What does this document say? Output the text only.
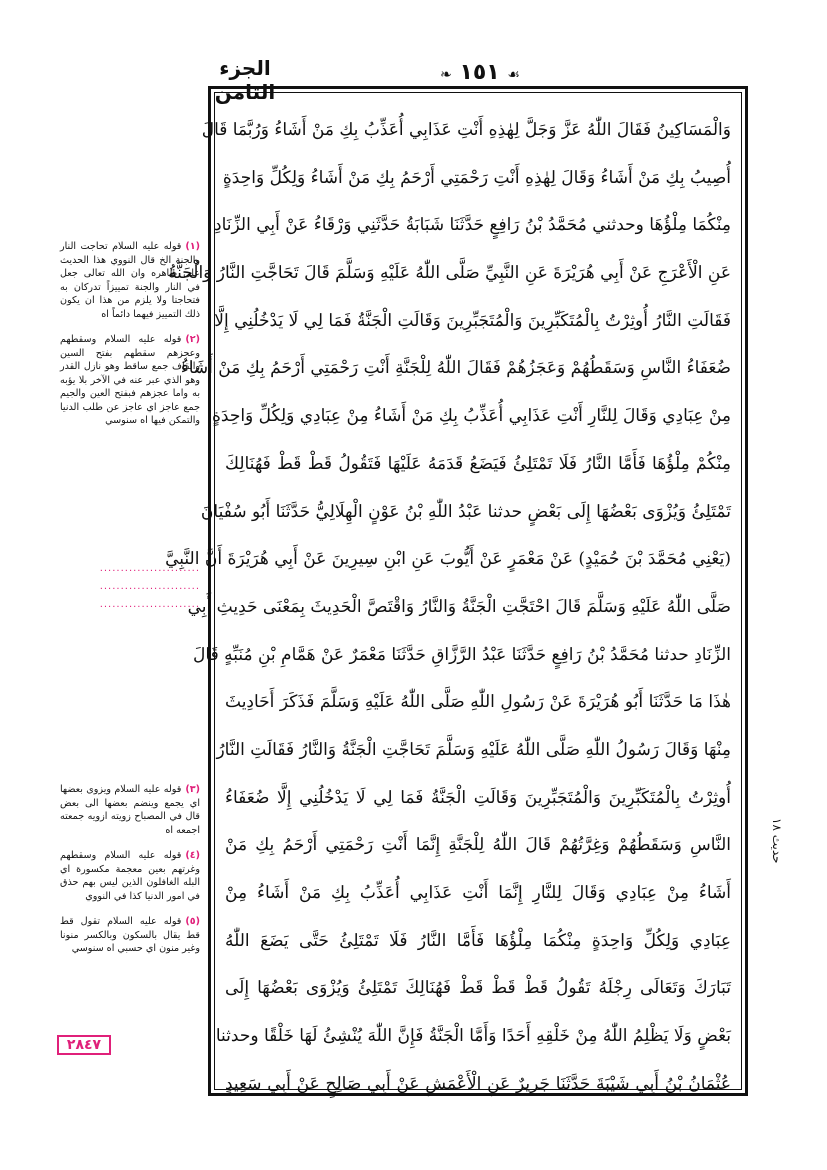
الجزء الثامن
❧ ١٥١ ☙
وَالْمَسَاكِينُ فَقَالَ اللّٰهُ عَزَّ وَجَلَّ لِهٰذِهِ أَنْتِ عَذَابِي أُعَذِّبُ بِكِ مَنْ أَشَاءُ وَرُبَّمَا قَالَ
أُصِيبُ بِكِ مَنْ أَشَاءُ وَقَالَ لِهٰذِهِ أَنْتِ رَحْمَتِي أَرْحَمُ بِكِ مَنْ أَشَاءُ وَلِكُلِّ وَاحِدَةٍ
مِنْكُمَا مِلْؤُهَا وحدثني مُحَمَّدُ بْنُ رَافِعٍ حَدَّثَنَا شَبَابَةُ حَدَّثَنِي وَرْقَاءُ عَنْ أَبِي الزِّنَادِ
عَنِ الْأَعْرَجِ عَنْ أَبِي هُرَيْرَةَ عَنِ النَّبِيِّ صَلَّى اللّٰهُ عَلَيْهِ وَسَلَّمَ قَالَ تَحَاجَّتِ النَّارُ وَالْجَنَّةُ
فَقَالَتِ النَّارُ أُوثِرْتُ بِالْمُتَكَبِّرِينَ وَالْمُتَجَبِّرِينَ وَقَالَتِ الْجَنَّةُ فَمَا لِي لَا يَدْخُلُنِي إِلَّا
ضُعَفَاءُ النَّاسِ وَسَقَطُهُمْ وَعَجَزُهُمْ فَقَالَ اللّٰهُ لِلْجَنَّةِ أَنْتِ رَحْمَتِي أَرْحَمُ بِكِ مَنْ أَشَاءُ
مِنْ عِبَادِي وَقَالَ لِلنَّارِ أَنْتِ عَذَابِي أُعَذِّبُ بِكِ مَنْ أَشَاءُ مِنْ عِبَادِي وَلِكُلِّ وَاحِدَةٍ
مِنْكُمْ مِلْؤُهَا فَأَمَّا النَّارُ فَلَا تَمْتَلِئُ فَيَضَعُ قَدَمَهُ عَلَيْهَا فَتَقُولُ قَطْ قَطْ فَهُنَالِكَ
تَمْتَلِئُ وَيُزْوَى بَعْضُهَا إِلَى بَعْضٍ حدثنا عَبْدُ اللّٰهِ بْنُ عَوْنٍ الْهِلَالِيُّ حَدَّثَنَا أَبُو سُفْيَانَ
(يَعْنِي مُحَمَّدَ بْنَ حُمَيْدٍ) عَنْ مَعْمَرٍ عَنْ أَيُّوبَ عَنِ ابْنِ سِيرِينَ عَنْ أَبِي هُرَيْرَةَ أَنَّ النَّبِيَّ
صَلَّى اللّٰهُ عَلَيْهِ وَسَلَّمَ قَالَ احْتَجَّتِ الْجَنَّةُ وَالنَّارُ وَاقْتَصَّ الْحَدِيثَ بِمَعْنَى حَدِيثِ أَبِي
الزِّنَادِ حدثنا مُحَمَّدُ بْنُ رَافِعٍ حَدَّثَنَا عَبْدُ الرَّزَّاقِ حَدَّثَنَا مَعْمَرٌ عَنْ هَمَّامِ بْنِ مُنَبِّهٍ قَالَ
هٰذَا مَا حَدَّثَنَا أَبُو هُرَيْرَةَ عَنْ رَسُولِ اللّٰهِ صَلَّى اللّٰهُ عَلَيْهِ وَسَلَّمَ فَذَكَرَ أَحَادِيثَ
مِنْهَا وَقَالَ رَسُولُ اللّٰهِ صَلَّى اللّٰهُ عَلَيْهِ وَسَلَّمَ تَحَاجَّتِ الْجَنَّةُ وَالنَّارُ فَقَالَتِ النَّارُ
أُوثِرْتُ بِالْمُتَكَبِّرِينَ وَالْمُتَجَبِّرِينَ وَقَالَتِ الْجَنَّةُ فَمَا لِي لَا يَدْخُلُنِي إِلَّا ضُعَفَاءُ
النَّاسِ وَسَقَطُهُمْ وَغِرَّتُهُمْ قَالَ اللّٰهُ لِلْجَنَّةِ إِنَّمَا أَنْتِ رَحْمَتِي أَرْحَمُ بِكِ مَنْ
أَشَاءُ مِنْ عِبَادِي وَقَالَ لِلنَّارِ إِنَّمَا أَنْتِ عَذَابِي أُعَذِّبُ بِكِ مَنْ أَشَاءُ مِنْ
عِبَادِي وَلِكُلِّ وَاحِدَةٍ مِنْكُمَا مِلْؤُهَا فَأَمَّا النَّارُ فَلَا تَمْتَلِئُ حَتَّى يَضَعَ اللّٰهُ
تَبَارَكَ وَتَعَالَى رِجْلَهُ تَقُولُ قَطْ قَطْ قَطْ فَهُنَالِكَ تَمْتَلِئُ وَيُزْوَى بَعْضُهَا إِلَى
بَعْضٍ وَلَا يَظْلِمُ اللّٰهُ مِنْ خَلْقِهِ أَحَدًا وَأَمَّا الْجَنَّةُ فَإِنَّ اللّٰهَ يُنْشِئُ لَهَا خَلْقًا وحدثنا
عُثْمَانُ بْنُ أَبِي شَيْبَةَ حَدَّثَنَا جَرِيرٌ عَنِ الْأَعْمَشِ عَنْ أَبِي صَالِحٍ عَنْ أَبِي سَعِيدٍ
(١)
قوله عليه السلام تحاجت النار والجنة الخ قال النووي هذا الحديث على ظاهره وان الله تعالى جعل في النار والجنة تمييزاً تدركان به فتحاجتا ولا يلزم من هذا ان يكون ذلك التمييز فيهما دائماً اه
(٢)
قوله عليه السلام وسقطهم وعجزهم سقطهم بفتح السين والقاف جمع ساقط وهو نازل القدر وهو الذي عبر عنه في الآخر بلا يؤبه به واما عجزهم فبفتح العين والجيم جمع عاجز اي عاجز عن طلب الدنيا والتمكن فيها اه سنوسي
........................
........................
........................
(٣)
قوله عليه السلام ويزوى بعضها اي يجمع وينضم بعضها الى بعض قال في المصباح زويته ازويه جمعته اجمعه اه
(٤)
قوله عليه السلام وسقطهم وغرتهم بعين معجمة مكسورة اي البله الغافلون الذين ليس بهم حذق في امور الدنيا كذا في النووي
(٥)
قوله عليه السلام تقول قط قط يقال بالسكون وبالكسر منونا وغير منون اي حسبي اه سنوسي
٢٨٤٧
حديث ١٨
